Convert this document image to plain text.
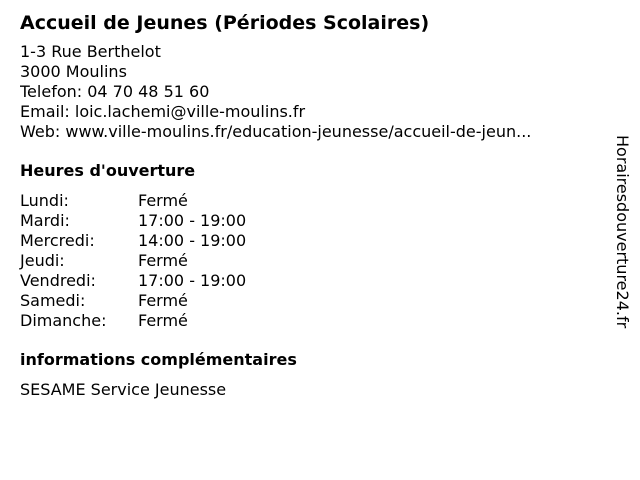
Accueil de Jeunes (Périodes Scolaires)
1-3 Rue Berthelot
3000 Moulins
Telefon: 04 70 48 51 60
Email: loic.lachemi@ville-moulins.fr
Web: www.ville-moulins.fr/education-jeunesse/accueil-de-jeun...
Heures d'ouverture
Lundi:	Fermé
Mardi:	17:00 - 19:00
Mercredi:	14:00 - 19:00
Jeudi:	Fermé
Vendredi:	17:00 - 19:00
Samedi:	Fermé
Dimanche:	Fermé
informations complémentaires
SESAME Service Jeunesse
Horairesdouverture24.fr
